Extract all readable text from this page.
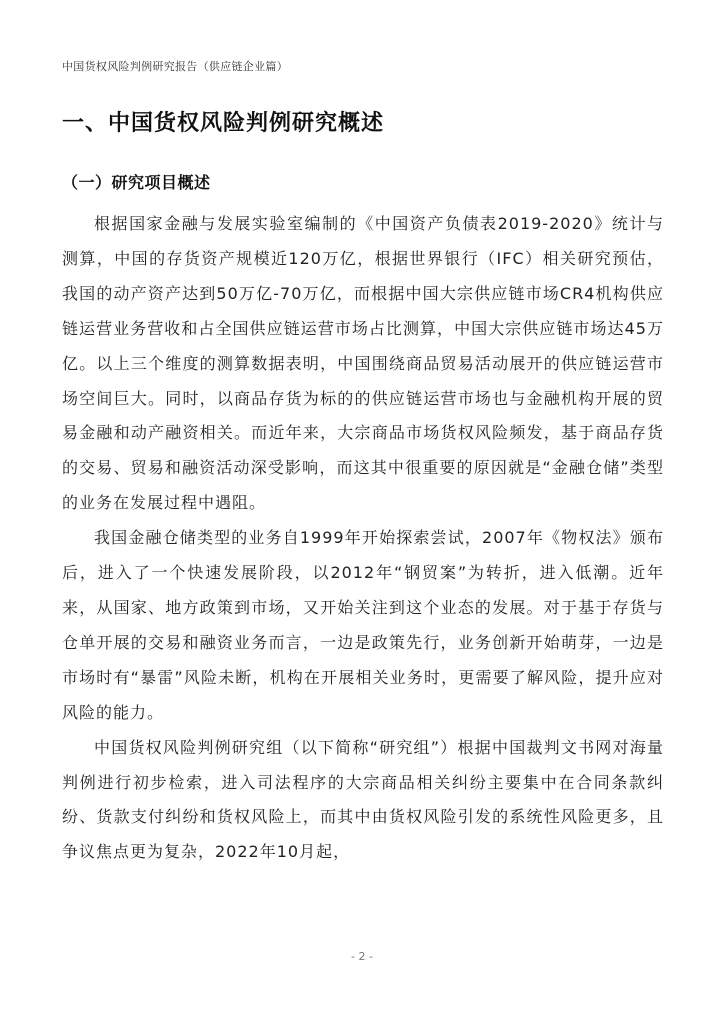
中国货权风险判例研究报告（供应链企业篇）
一、中国货权风险判例研究概述
（一）研究项目概述

根据国家金融与发展实验室编制的《中国资产负债表2019-2020》统计与测算，中国的存货资产规模近120万亿，根据世界银行（IFC）相关研究预估，我国的动产资产达到50万亿-70万亿，而根据中国大宗供应链市场CR4机构供应链运营业务营收和占全国供应链运营市场占比测算，中国大宗供应链市场达45万亿。以上三个维度的测算数据表明，中国围绕商品贸易活动展开的供应链运营市场空间巨大。同时，以商品存货为标的的供应链运营市场也与金融机构开展的贸易金融和动产融资相关。而近年来，大宗商品市场货权风险频发，基于商品存货的交易、贸易和融资活动深受影响，而这其中很重要的原因就是“金融仓储”类型的业务在发展过程中遇阻。

我国金融仓储类型的业务自1999年开始探索尝试，2007年《物权法》颁布后，进入了一个快速发展阶段，以2012年“钢贸案”为转折，进入低潮。近年来，从国家、地方政策到市场，又开始关注到这个业态的发展。对于基于存货与仓单开展的交易和融资业务而言，一边是政策先行，业务创新开始萌芽，一边是市场时有“暴雷”风险未断，机构在开展相关业务时，更需要了解风险，提升应对风险的能力。

中国货权风险判例研究组（以下简称“研究组”）根据中国裁判文书网对海量判例进行初步检索，进入司法程序的大宗商品相关纠纷主要集中在合同条款纠纷、货款支付纠纷和货权风险上，而其中由货权风险引发的系统性风险更多，且争议焦点更为复杂，2022年10月起，

- 2 -
